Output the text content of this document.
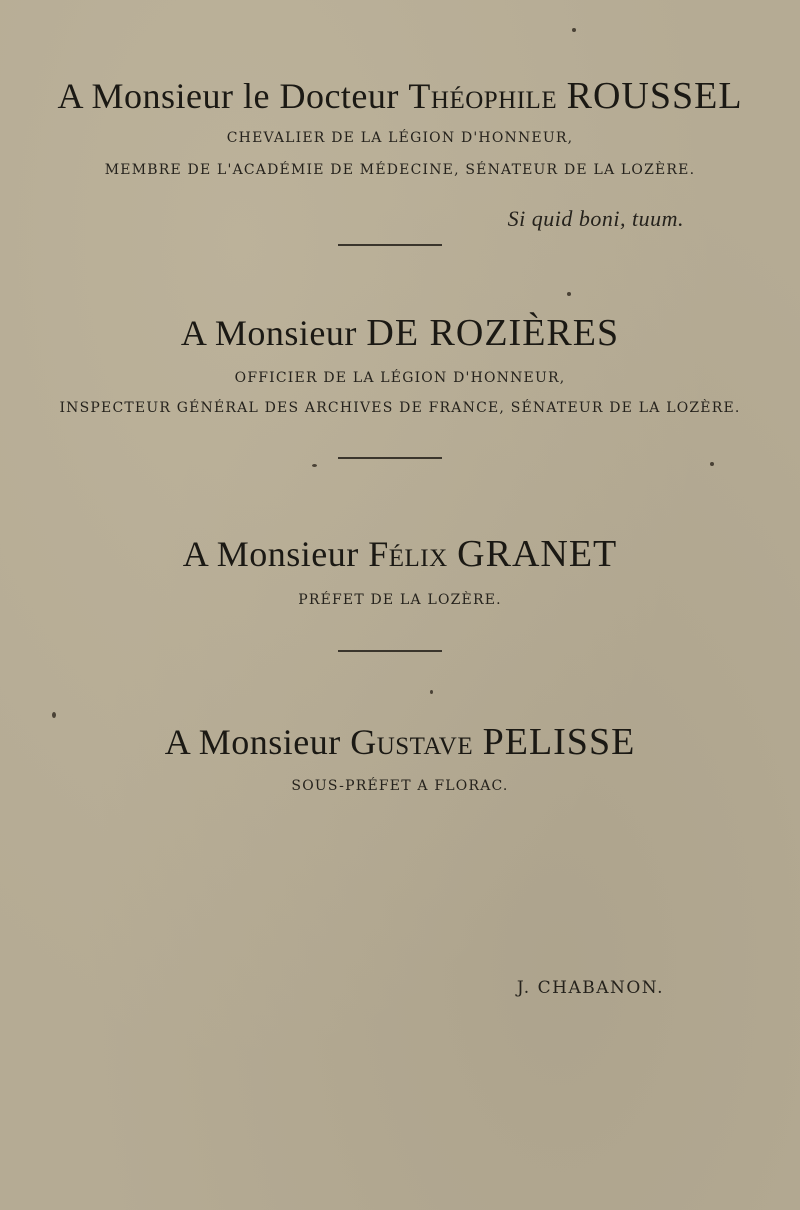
A Monsieur le Docteur Théophile ROUSSEL
CHEVALIER DE LA LÉGION D'HONNEUR,
MEMBRE DE L'ACADÉMIE DE MÉDECINE, SÉNATEUR DE LA LOZÈRE.
Si quid boni, tuum.
A Monsieur DE ROZIÈRES
OFFICIER DE LA LÉGION D'HONNEUR,
INSPECTEUR GÉNÉRAL DES ARCHIVES DE FRANCE, SÉNATEUR DE LA LOZÈRE.
A Monsieur Félix GRANET
PRÉFET DE LA LOZÈRE.
A Monsieur Gustave PELISSE
SOUS-PRÉFET A FLORAC.
J. CHABANON.
